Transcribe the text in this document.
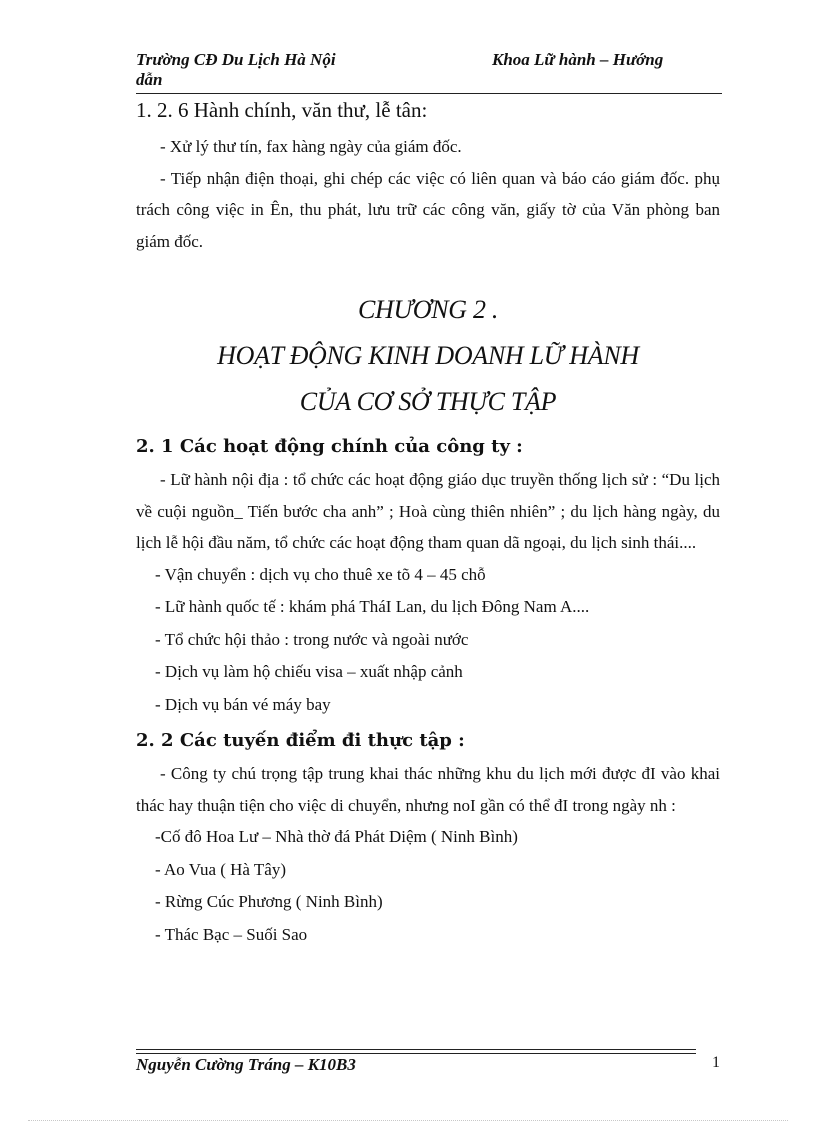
Trường CĐ Du Lịch Hà Nội
dẫn
Khoa Lữ hành – Hướng
1. 2. 6 Hành chính, văn thư, lễ tân:

- Xử lý thư tín, fax hàng ngày của giám đốc.

- Tiếp nhận điện thoại, ghi chép các việc có liên quan và báo cáo giám đốc. phụ trách công việc in Ên, thu phát, lưu trữ các công văn, giấy tờ của Văn phòng ban giám đốc.

CHƯƠNG 2 .

HOẠT ĐỘNG KINH DOANH LỮ HÀNH

CỦA CƠ SỞ THỰC TẬP

2. 1 Các hoạt động chính của công ty :

- Lữ hành nội địa : tổ chức các hoạt động giáo dục truyền thống lịch sử : “Du lịch về cuội nguồn_ Tiến bước cha anh” ; Hoà cùng thiên nhiên” ; du lịch hàng ngày, du lịch lễ hội đầu năm, tổ chức các hoạt động tham quan dã ngoại, du lịch sinh thái....

- Vận chuyển : dịch vụ cho thuê xe tõ 4 – 45 chỗ

- Lữ hành quốc tế : khám phá TháI Lan, du lịch Đông Nam A....

- Tổ chức hội thảo : trong nước và ngoài nước

- Dịch vụ làm hộ chiếu visa – xuất nhập cảnh

- Dịch vụ bán vé máy bay

2. 2 Các tuyến điểm đi thực tập :

- Công ty chú trọng tập trung khai thác những khu du lịch mới được đI vào khai thác hay thuận tiện cho việc di chuyển, nhưng noI gần có thể đI trong ngày nh :

-Cố đô Hoa Lư – Nhà thờ đá Phát Diệm ( Ninh Bình)

- Ao Vua ( Hà Tây)

- Rừng Cúc Phương ( Ninh Bình)

- Thác Bạc – Suối Sao

Nguyễn Cường Tráng – K10B3	1
